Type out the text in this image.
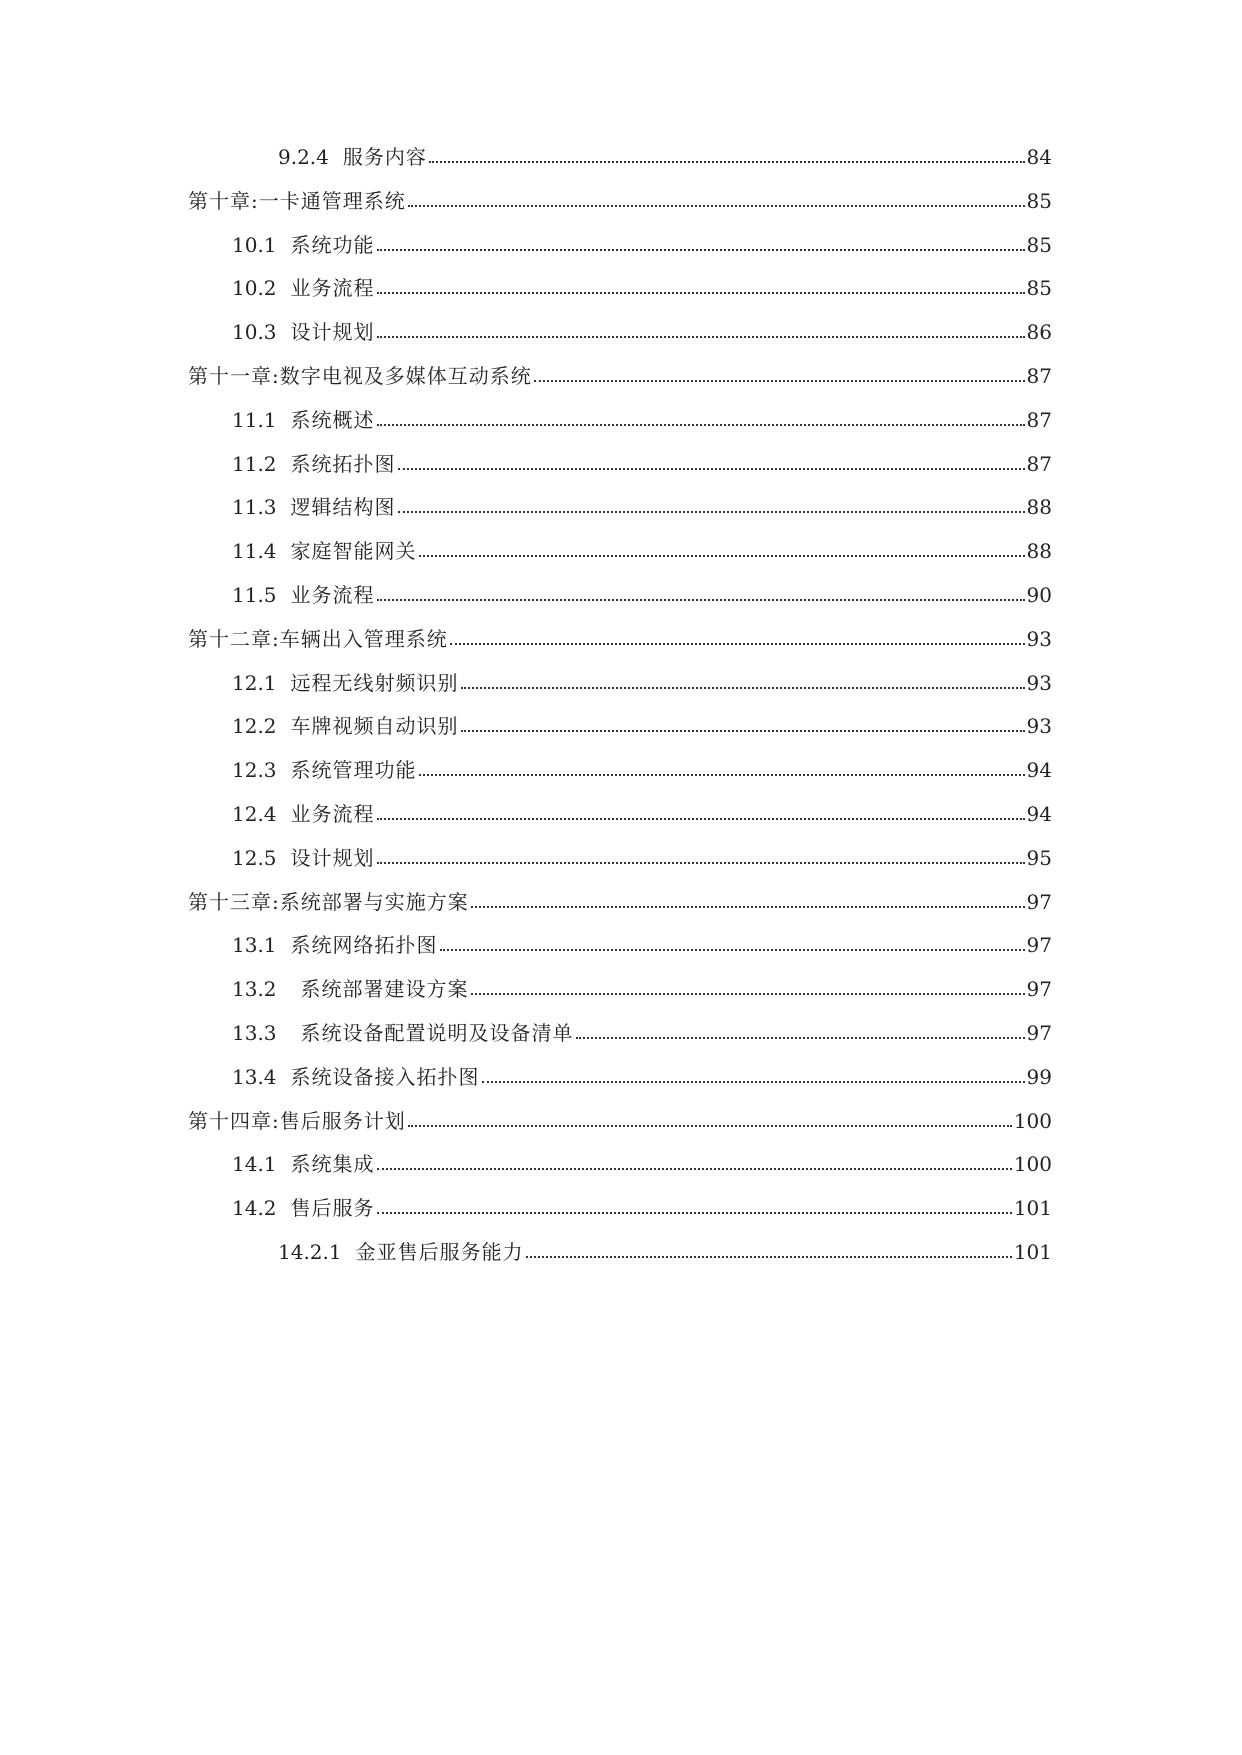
9.2.4 服务内容	84
第十章:一卡通管理系统	85
10.1 系统功能	85
10.2 业务流程	85
10.3 设计规划	86
第十一章:数字电视及多媒体互动系统	87
11.1 系统概述	87
11.2 系统拓扑图	87
11.3 逻辑结构图	88
11.4 家庭智能网关	88
11.5 业务流程	90
第十二章:车辆出入管理系统	93
12.1 远程无线射频识别	93
12.2 车牌视频自动识别	93
12.3 系统管理功能	94
12.4 业务流程	94
12.5 设计规划	95
第十三章:系统部署与实施方案	97
13.1 系统网络拓扑图	97
13.2 系统部署建设方案	97
13.3 系统设备配置说明及设备清单	97
13.4 系统设备接入拓扑图	99
第十四章:售后服务计划	100
14.1 系统集成	100
14.2 售后服务	101
14.2.1 金亚售后服务能力	101
